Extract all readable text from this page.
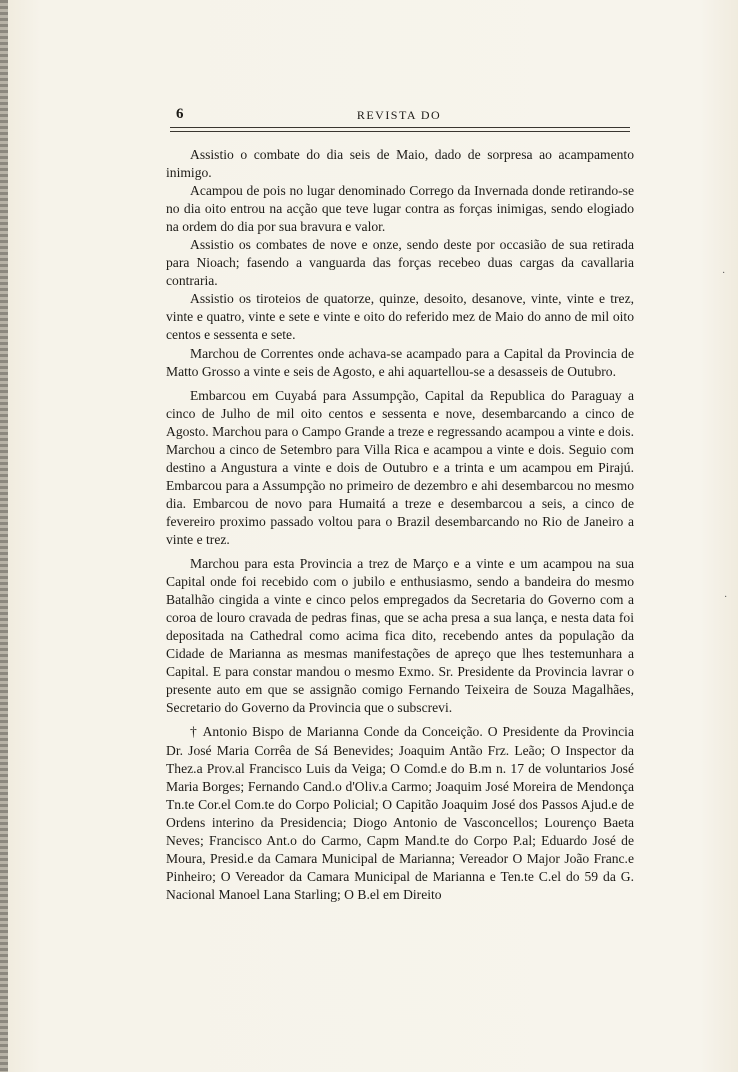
6	REVISTA DO

Assistio o combate do dia seis de Maio, dado de sorpresa ao acampamento inimigo.

Acampou de pois no lugar denominado Corrego da Invernada donde retirando-se no dia oito entrou na acção que teve lugar contra as forças inimigas, sendo elogiado na ordem do dia por sua bravura e valor.

Assistio os combates de nove e onze, sendo deste por occasião de sua retirada para Nioach; fasendo a vanguarda das forças recebeo duas cargas da cavallaria contraria.

Assistio os tiroteios de quatorze, quinze, desoito, desanove, vinte, vinte e trez, vinte e quatro, vinte e sete e vinte e oito do referido mez de Maio do anno de mil oito centos e sessenta e sete.

Marchou de Correntes onde achava-se acampado para a Capital da Provincia de Matto Grosso a vinte e seis de Agosto, e ahi aquartellou-se a desasseis de Outubro.

Embarcou em Cuyabá para Assumpção, Capital da Republica do Paraguay a cinco de Julho de mil oito centos e sessenta e nove, desembarcando a cinco de Agosto. Marchou para o Campo Grande a treze e regressando acampou a vinte e dois. Marchou a cinco de Setembro para Villa Rica e acampou a vinte e dois. Seguio com destino a Angustura a vinte e dois de Outubro e a trinta e um acampou em Pirajú. Embarcou para a Assumpção no primeiro de dezembro e ahi desembarcou no mesmo dia. Embarcou de novo para Humaitá a treze e desembarcou a seis, a cinco de fevereiro proximo passado voltou para o Brazil desembarcando no Rio de Janeiro a vinte e trez.

Marchou para esta Provincia a trez de Março e a vinte e um acampou na sua Capital onde foi recebido com o jubilo e enthusiasmo, sendo a bandeira do mesmo Batalhão cingida a vinte e cinco pelos empregados da Secretaria do Governo com a coroa de louro cravada de pedras finas, que se acha presa a sua lança, e nesta data foi depositada na Cathedral como acima fica dito, recebendo antes da população da Cidade de Marianna as mesmas manifestações de apreço que lhes testemunhara a Capital. E para constar mandou o mesmo Exmo. Sr. Presidente da Provincia lavrar o presente auto em que se assignão comigo Fernando Teixeira de Souza Magalhães, Secretario do Governo da Provincia que o subscrevi.

† Antonio Bispo de Marianna Conde da Conceição. O Presidente da Provincia Dr. José Maria Corrêa de Sá Benevides; Joaquim Antão Frz. Leão; O Inspector da Thez.a Prov.al Francisco Luis da Veiga; O Comd.e do B.m n. 17 de voluntarios José Maria Borges; Fernando Cand.o d'Oliv.a Carmo; Joaquim José Moreira de Mendonça Tn.te Cor.el Com.te do Corpo Policial; O Capitão Joaquim José dos Passos Ajud.e de Ordens interino da Presidencia; Diogo Antonio de Vasconcellos; Lourenço Baeta Neves; Francisco Ant.o do Carmo, Capm Mand.te do Corpo P.al; Eduardo José de Moura, Presid.e da Camara Municipal de Marianna; Vereador O Major João Franc.e Pinheiro; O Vereador da Camara Municipal de Marianna e Ten.te C.el do 59 da G. Nacional Manoel Lana Starling; O B.el em Direito

·
·
